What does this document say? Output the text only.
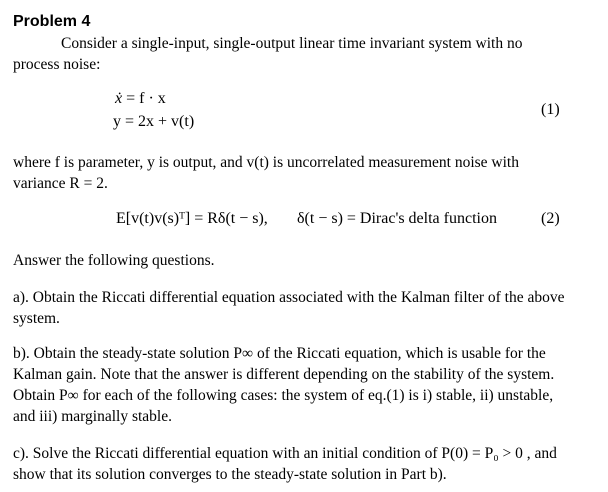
Problem 4

Consider a single-input, single-output linear time invariant system with no
process noise:

ẋ = f · x
y = 2x + v(t)
(1)

where f is parameter, y is output, and v(t) is uncorrelated measurement noise with
variance R = 2.

E[v(t)v(s)ᵀ] = Rδ(t − s), δ(t − s) = Dirac's delta function	(2)

Answer the following questions.

a). Obtain the Riccati differential equation associated with the Kalman filter of the above
system.

b). Obtain the steady-state solution P∞ of the Riccati equation, which is usable for the
Kalman gain. Note that the answer is different depending on the stability of the system.
Obtain P∞ for each of the following cases: the system of eq.(1) is i) stable, ii) unstable,
and iii) marginally stable.

c). Solve the Riccati differential equation with an initial condition of P(0) = P₀ > 0 , and
show that its solution converges to the steady-state solution in Part b).
